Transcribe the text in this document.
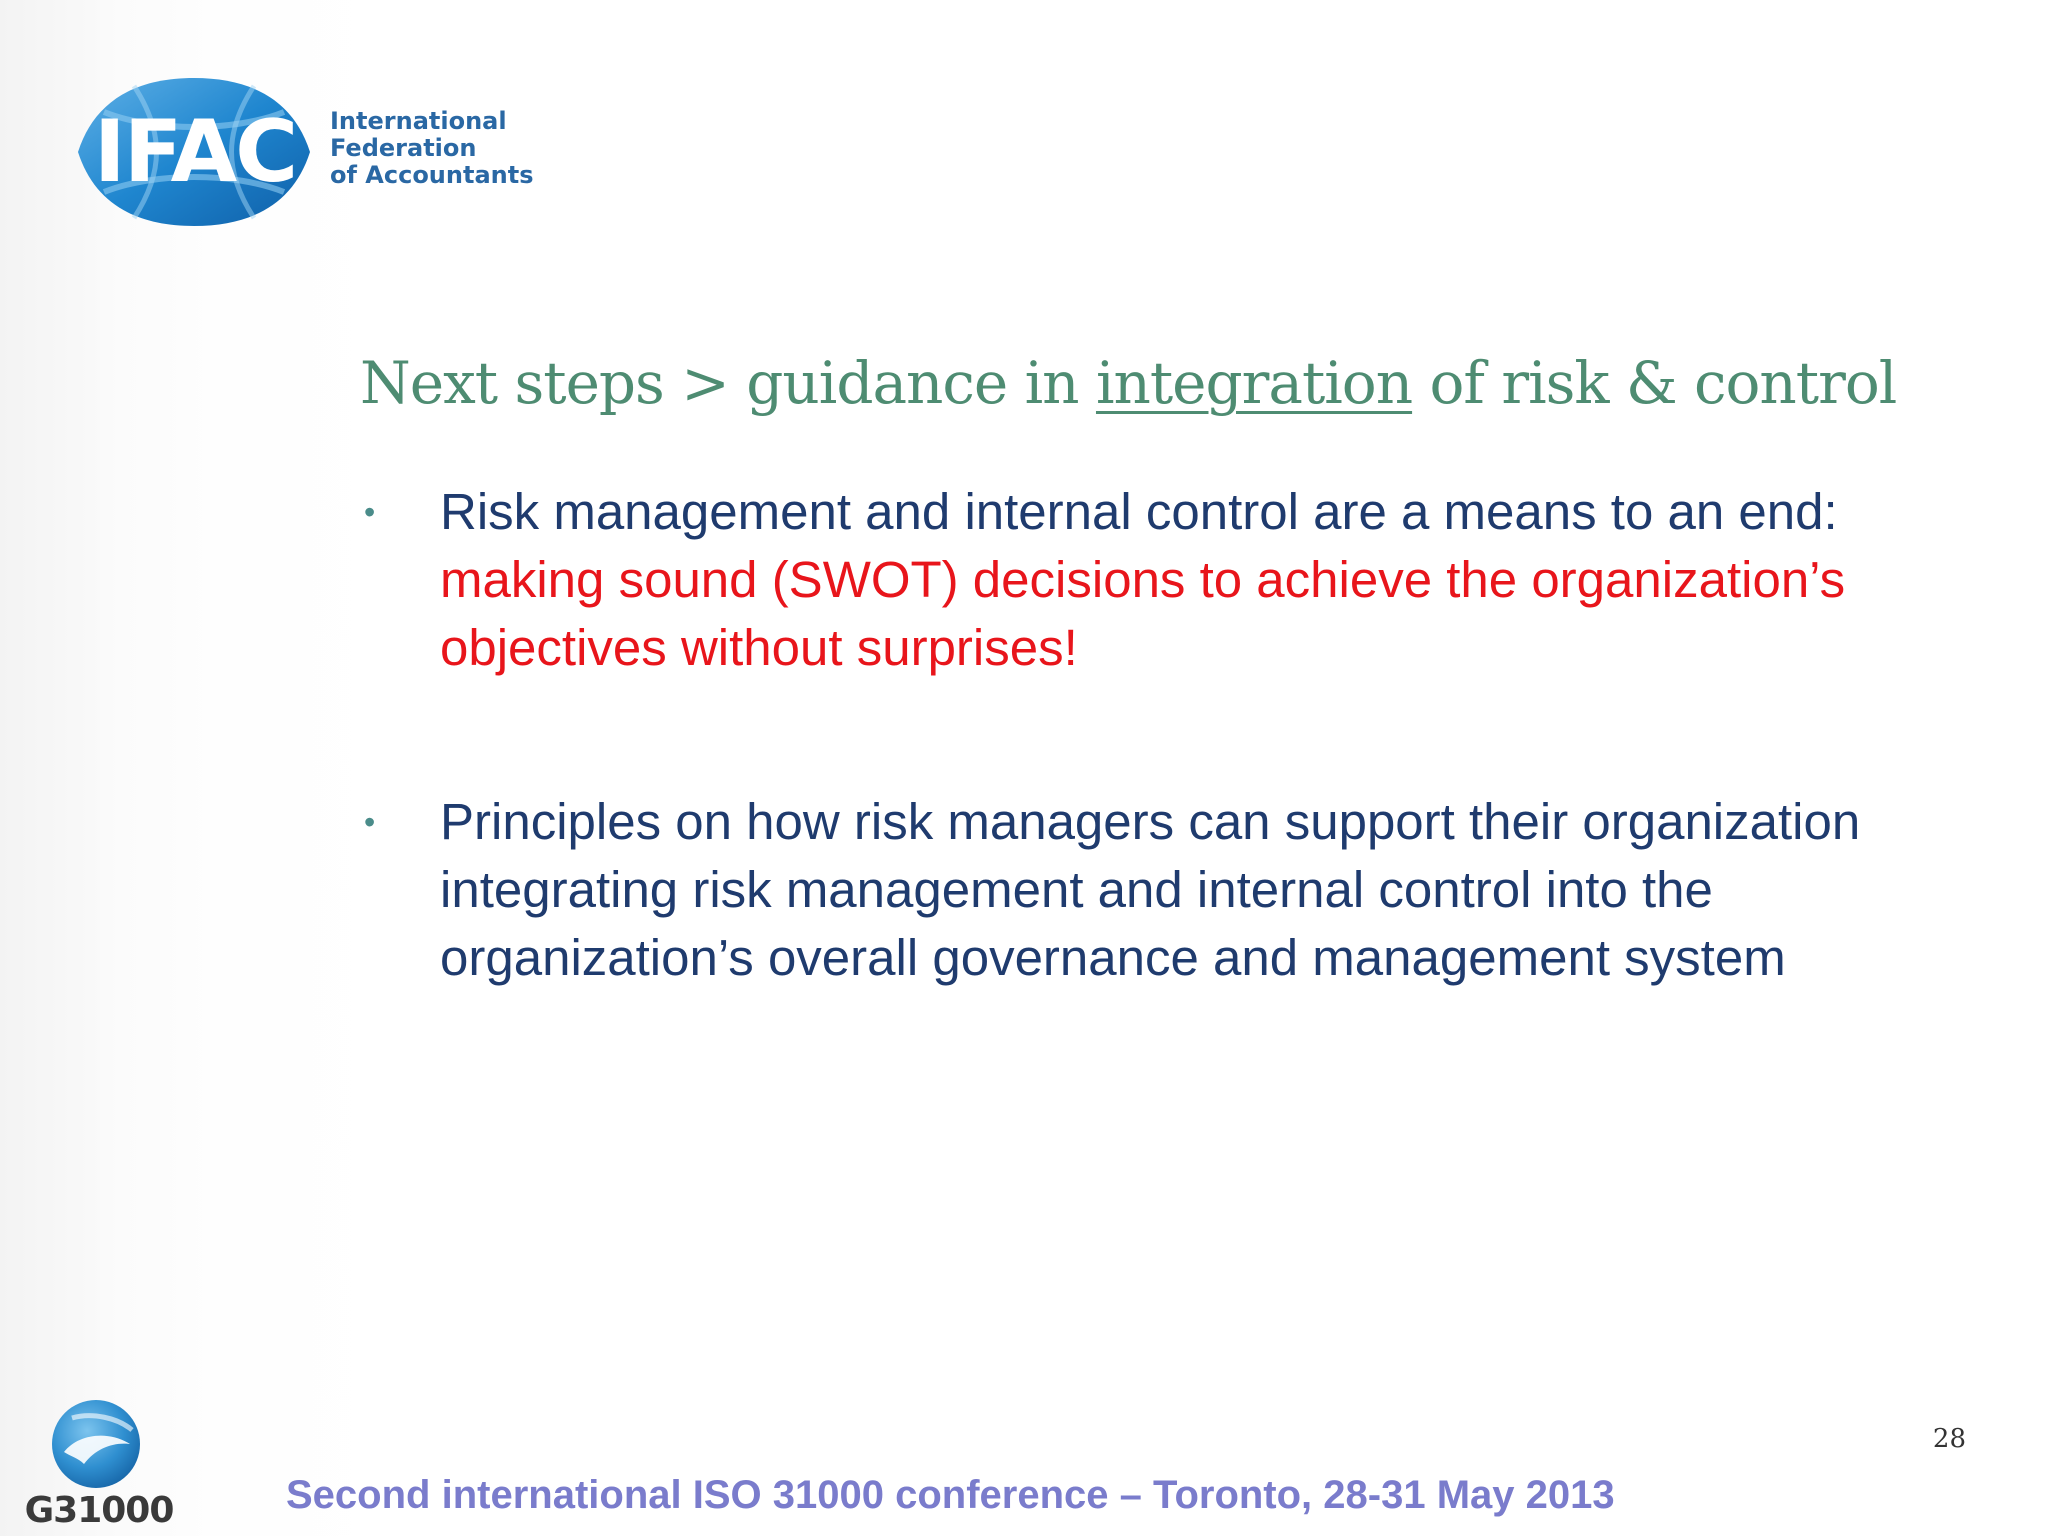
IFAC	International
Federation
of Accountants
Next steps > guidance in integration of risk & control
• Risk management and internal control are a means to an end: making sound (SWOT) decisions to achieve the organization’s objectives without surprises!
• Principles on how risk managers can support their organization integrating risk management and internal control into the organization’s overall governance and management system
G31000	Second international ISO 31000 conference – Toronto, 28-31 May 2013
28
